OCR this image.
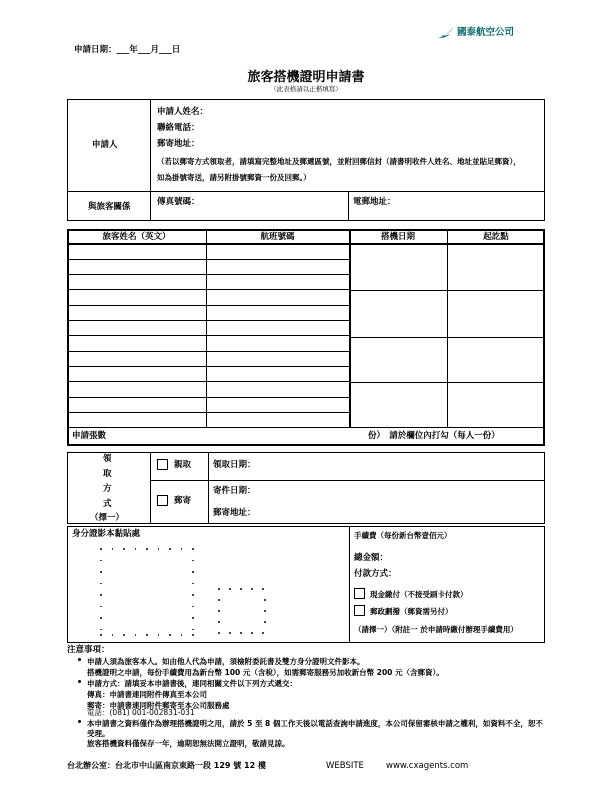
申請日期：___年___月___日
國泰航空公司
旅客搭機證明申請書
（此表格請以正楷填寫）
申請人
申請人姓名：
聯絡電話：
郵寄地址：
（若以郵寄方式領取者，請填寫完整地址及郵遞區號，並附回郵信封（請書明收件人姓名、地址並貼足郵資），
如為掛號寄送，請另附掛號郵資一份及回郵。）
與旅客關係	傳真號碼：	電郵地址：
旅客姓名（英文）	航班號碼	搭機日期	起訖點
申請張數	份）　請於欄位內打勾（每人一份）
領
取
方
式
（擇一）
親取	領取日期：
郵寄
寄件日期：
郵寄地址：
身分證影本黏貼處	手續費（每份新台幣壹佰元）
總金額：
付款方式：
現金繳付（不接受刷卡付款）
郵政劃撥（郵資需另付）
（請擇一）（附註一 於申請時繳付辦理手續費用）
注意事項：
申請人須為旅客本人。如由他人代為申請，須檢附委託書及雙方身分證明文件影本。
搭機證明之申請，每份手續費用為新台幣 100 元（含稅），如需郵寄服務另加收新台幣 200 元（含郵資）。
申請方式：請填妥本申請書後，連同相關文件以下列方式遞交：
傳真：申請書連同附件傳真至本公司
郵寄：申請書連同附件郵寄至本公司服務處
電話：(081) 001-002831-031
本申請書之資料僅作為辦理搭機證明之用，請於 5 至 8 個工作天後以電話查詢申請進度，本公司保留審核申請之權利，如資料不全，恕不受理。
旅客搭機資料僅保存一年，逾期恕無法開立證明，敬請見諒。
台北辦公室：台北市中山區南京東路一段 129 號 12 樓	WEBSITE	www.cxagents.com
